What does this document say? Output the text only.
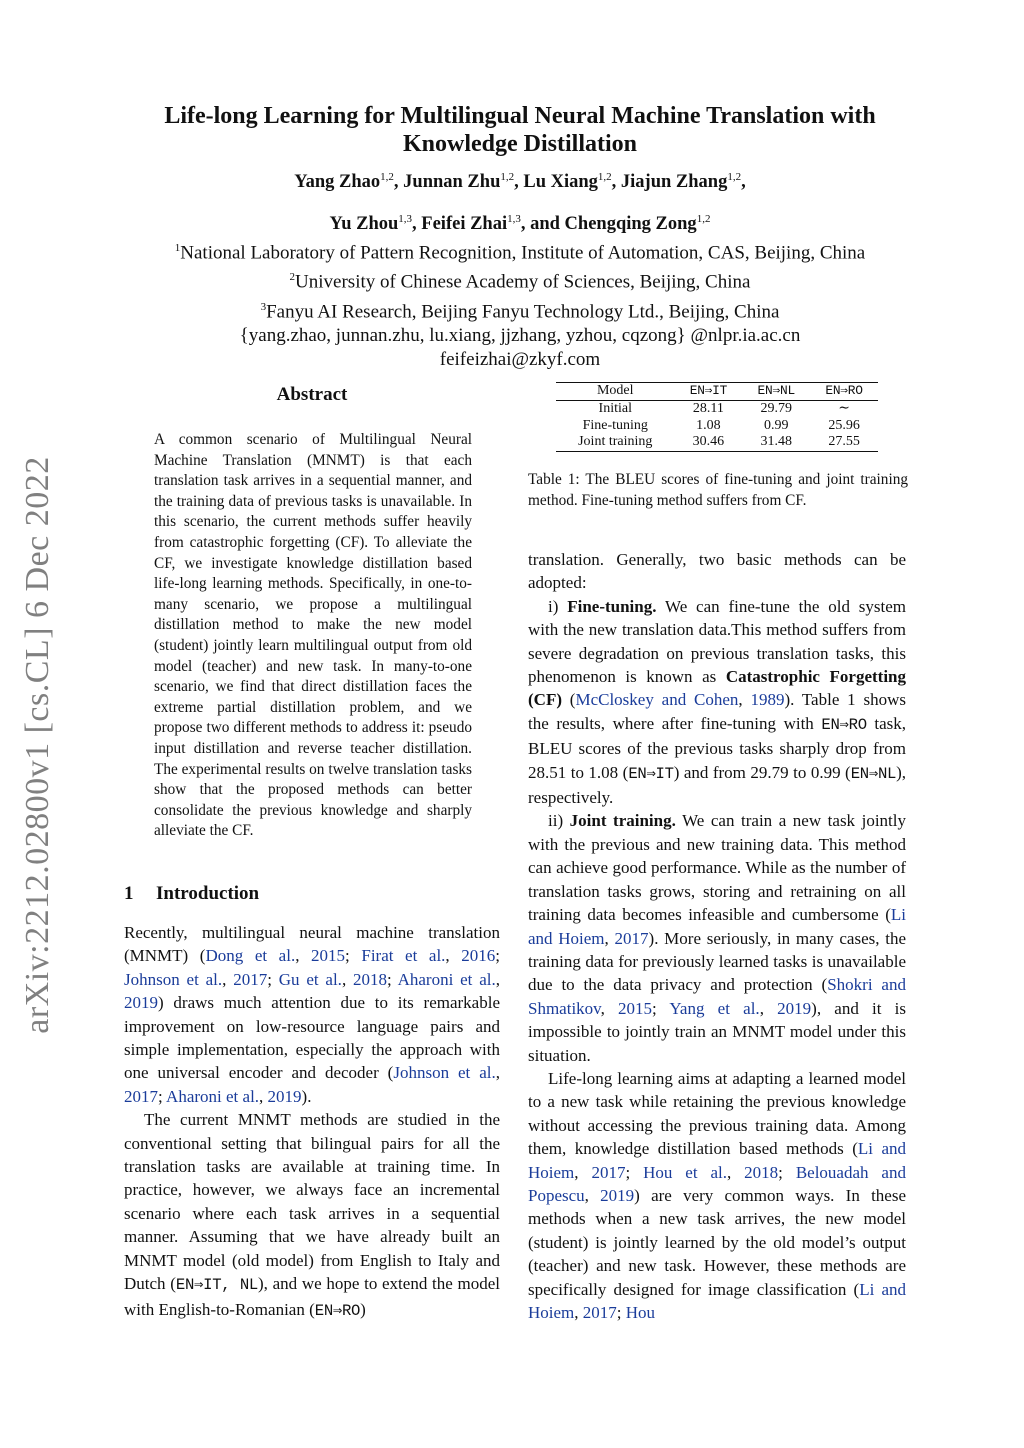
arXiv:2212.02800v1 [cs.CL] 6 Dec 2022
Life-long Learning for Multilingual Neural Machine Translation with
Knowledge Distillation
Yang Zhao$^{1,2}$, Junnan Zhu$^{1,2}$, Lu Xiang$^{1,2}$, Jiajun Zhang$^{1,2}$,
Yu Zhou$^{1,3}$, Feifei Zhai$^{1,3}$, and Chengqing Zong$^{1,2}$
$^1$National Laboratory of Pattern Recognition, Institute of Automation, CAS, Beijing, China
$^2$University of Chinese Academy of Sciences, Beijing, China
$^3$Fanyu AI Research, Beijing Fanyu Technology Ltd., Beijing, China
{yang.zhao, junnan.zhu, lu.xiang, jjzhang, yzhou, cqzong} @nlpr.ia.ac.cn
feifeizhai@zkyf.com
Abstract
A common scenario of Multilingual Neural Machine Translation (MNMT) is that each translation task arrives in a sequential manner, and the training data of previous tasks is unavailable. In this scenario, the current methods suffer heavily from catastrophic forgetting (CF). To alleviate the CF, we investigate knowledge distillation based life-long learning methods. Specifically, in one-to-many scenario, we propose a multilingual distillation method to make the new model (student) jointly learn multilingual output from old model (teacher) and new task. In many-to-one scenario, we find that direct distillation faces the extreme partial distillation problem, and we propose two different methods to address it: pseudo input distillation and reverse teacher distillation. The experimental results on twelve translation tasks show that the proposed methods can better consolidate the previous knowledge and sharply alleviate the CF.
1 Introduction

Recently, multilingual neural machine translation (MNMT) (Dong et al., 2015; Firat et al., 2016; Johnson et al., 2017; Gu et al., 2018; Aharoni et al., 2019) draws much attention due to its remarkable improvement on low-resource language pairs and simple implementation, especially the approach with one universal encoder and decoder (Johnson et al., 2017; Aharoni et al., 2019).

The current MNMT methods are studied in the conventional setting that bilingual pairs for all the translation tasks are available at training time. In practice, however, we always face an incremental scenario where each task arrives in a sequential manner. Assuming that we have already built an MNMT model (old model) from English to Italy and Dutch (EN⇒IT, NL), and we hope to extend the model with English-to-Romanian (EN⇒RO)

Model	EN⇒IT	EN⇒NL	EN⇒RO
Initial	28.11	29.79	∼
Fine-tuning	1.08	0.99	25.96
Joint training	30.46	31.48	27.55
Table 1: The BLEU scores of fine-tuning and joint training method. Fine-tuning method suffers from CF.

translation. Generally, two basic methods can be adopted:

i) Fine-tuning. We can fine-tune the old system with the new translation data.This method suffers from severe degradation on previous translation tasks, this phenomenon is known as Catastrophic Forgetting (CF) (McCloskey and Cohen, 1989). Table 1 shows the results, where after fine-tuning with EN⇒RO task, BLEU scores of the previous tasks sharply drop from 28.51 to 1.08 (EN⇒IT) and from 29.79 to 0.99 (EN⇒NL), respectively.

ii) Joint training. We can train a new task jointly with the previous and new training data. This method can achieve good performance. While as the number of translation tasks grows, storing and retraining on all training data becomes infeasible and cumbersome (Li and Hoiem, 2017). More seriously, in many cases, the training data for previously learned tasks is unavailable due to the data privacy and protection (Shokri and Shmatikov, 2015; Yang et al., 2019), and it is impossible to jointly train an MNMT model under this situation.

Life-long learning aims at adapting a learned model to a new task while retaining the previous knowledge without accessing the previous training data. Among them, knowledge distillation based methods (Li and Hoiem, 2017; Hou et al., 2018; Belouadah and Popescu, 2019) are very common ways. In these methods when a new task arrives, the new model (student) is jointly learned by the old model’s output (teacher) and new task. However, these methods are specifically designed for image classification (Li and Hoiem, 2017; Hou
